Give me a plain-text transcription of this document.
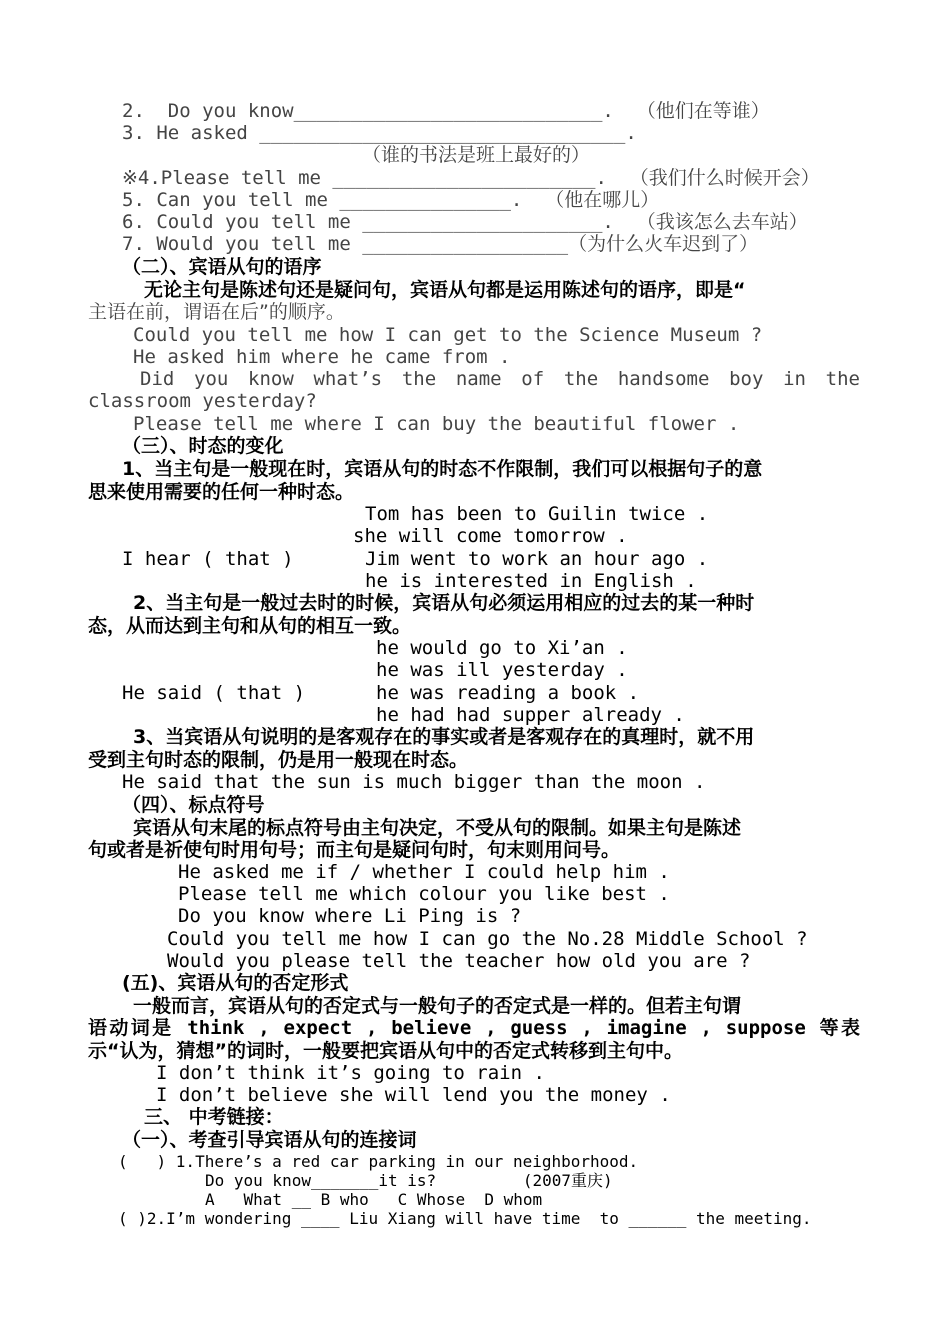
2.  Do you know___________________________.  （他们在等谁）
3. He asked ________________________________.
（谁的书法是班上最好的）
※4.Please tell me _______________________.  （我们什么时候开会）
5. Can you tell me _______________.  （他在哪儿）
6. Could you tell me _____________________.  （我该怎么去车站）
7. Would you tell me __________________（为什么火车迟到了）
（二）、宾语从句的语序
无论主句是陈述句还是疑问句，宾语从句都是运用陈述句的语序，即是“
主语在前，谓语在后”的顺序。
Could you tell me how I can get to the Science Museum ?
He asked him where he came from .
Did you know what’s the name of the handsome boy in the
classroom yesterday?
Please tell me where I can buy the beautiful flower .
（三）、时态的变化
1、当主句是一般现在时，宾语从句的时态不作限制，我们可以根据句子的意
思来使用需要的任何一种时态。
Tom has been to Guilin twice .
she will come tomorrow .
I hear ( that )	Jim went to work an hour ago .
he is interested in English .
2、当主句是一般过去时的时候，宾语从句必须运用相应的过去的某一种时
态，从而达到主句和从句的相互一致。
he would go to Xi’an .
he was ill yesterday .
He said ( that )	he was reading a book .
he had had supper already .
3、当宾语从句说明的是客观存在的事实或者是客观存在的真理时，就不用
受到主句时态的限制，仍是用一般现在时态。
He said that the sun is much bigger than the moon .
（四）、标点符号
宾语从句末尾的标点符号由主句决定，不受从句的限制。如果主句是陈述
句或者是祈使句时用句号；而主句是疑问句时，句末则用问号。
He asked me if / whether I could help him .
Please tell me which colour you like best .
Do you know where Li Ping is ?
Could you tell me how I can go the No.28 Middle School ?
Would you please tell the teacher how old you are ?
(五)、宾语从句的否定形式
一般而言，宾语从句的否定式与一般句子的否定式是一样的。但若主句谓
语动词是 think , expect , believe , guess , imagine , suppose 等表
示“认为，猜想”的词时，一般要把宾语从句中的否定式转移到主句中。
I don’t think it’s going to rain .
I don’t believe she will lend you the money .
三、 中考链接：
（一）、考查引导宾语从句的连接词
(   ) 1.There’s a red car parking in our neighborhood.
Do you know_______it is?         (2007重庆)
A   What __ B who   C Whose  D whom
( )2.I’m wondering ____ Liu Xiang will have time  to ______ the meeting.
